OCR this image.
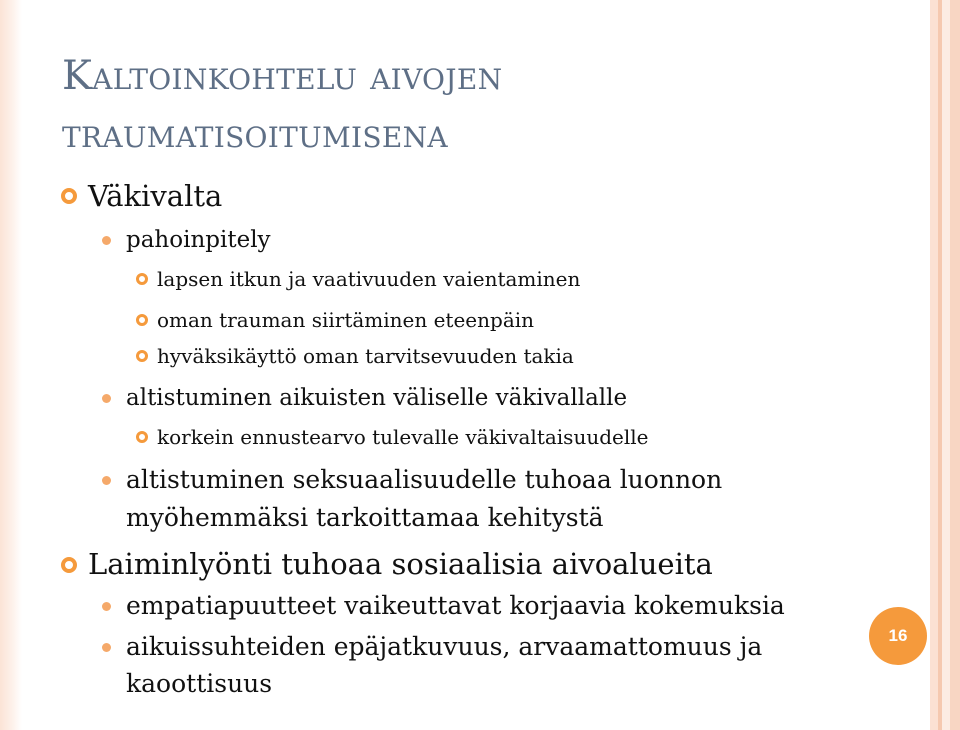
Kaltoinkohtelu aivojen
traumatisoitumisena
Väkivalta
pahoinpitely
lapsen itkun ja vaativuuden vaientaminen
oman trauman siirtäminen eteenpäin
hyväksikäyttö oman tarvitsevuuden takia
altistuminen aikuisten väliselle väkivallalle
korkein ennustearvo tulevalle väkivaltaisuudelle
altistuminen seksuaalisuudelle tuhoaa luonnon
myöhemmäksi tarkoittamaa kehitystä
Laiminlyönti tuhoaa sosiaalisia aivoalueita
empatiapuutteet vaikeuttavat korjaavia kokemuksia
aikuissuhteiden epäjatkuvuus, arvaamattomuus ja
kaoottisuus
16
